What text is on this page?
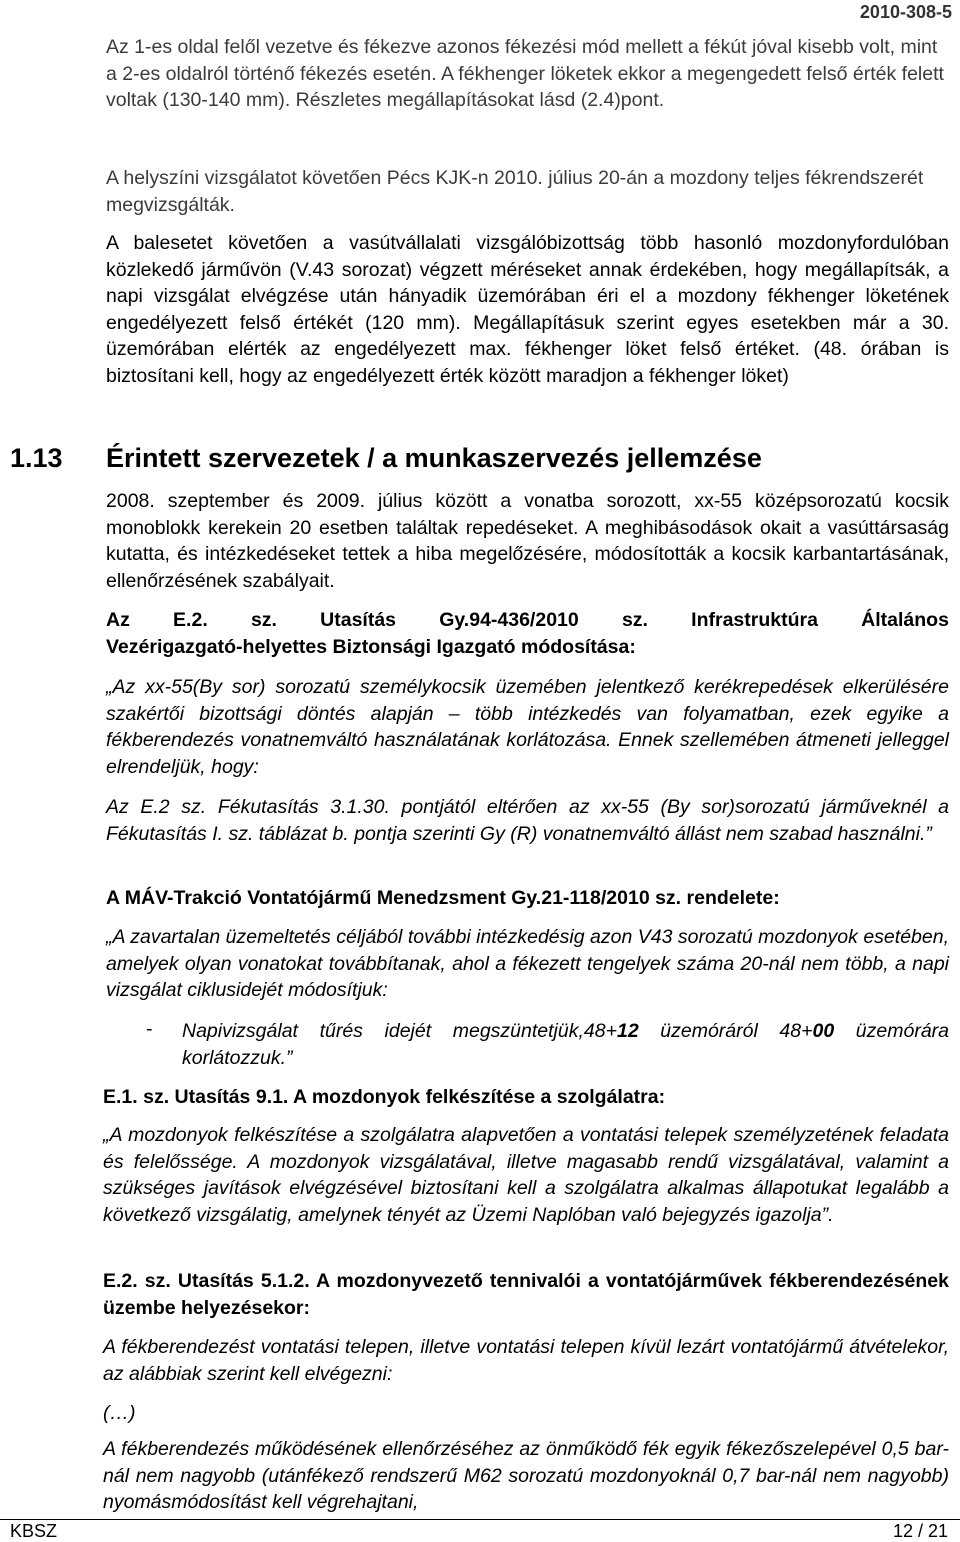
2010-308-5

Az 1-es oldal felől vezetve és fékezve azonos fékezési mód mellett a fékút jóval kisebb volt, mint a 2-es oldalról történő fékezés esetén. A fékhenger löketek ekkor a megengedett felső érték felett voltak (130-140 mm). Részletes megállapításokat lásd (2.4)pont.

A helyszíni vizsgálatot követően Pécs KJK-n 2010. július 20-án a mozdony teljes fékrendszerét megvizsgálták.

A balesetet követően a vasútvállalati vizsgálóbizottság több hasonló mozdonyfordulóban közlekedő járművön (V.43 sorozat) végzett méréseket annak érdekében, hogy megállapítsák, a napi vizsgálat elvégzése után hányadik üzemórában éri el a mozdony fékhenger löketének engedélyezett felső értékét (120 mm). Megállapításuk szerint egyes esetekben már a 30. üzemórában elérték az engedélyezett max. fékhenger löket felső értéket. (48. órában is biztosítani kell, hogy az engedélyezett érték között maradjon a fékhenger löket)

1.13 Érintett szervezetek / a munkaszervezés jellemzése

2008. szeptember és 2009. július között a vonatba sorozott, xx-55 középsorozatú kocsik monoblokk kerekein 20 esetben találtak repedéseket. A meghibásodások okait a vasúttársaság kutatta, és intézkedéseket tettek a hiba megelőzésére, módosították a kocsik karbantartásának, ellenőrzésének szabályait.

Az E.2. sz. Utasítás Gy.94-436/2010 sz. Infrastruktúra Általános
Vezérigazgató-helyettes Biztonsági Igazgató módosítása:

„Az xx-55(By sor) sorozatú személykocsik üzemében jelentkező kerékrepedések elkerülésére szakértői bizottsági döntés alapján – több intézkedés van folyamatban, ezek egyike a fékberendezés vonatnemváltó használatának korlátozása. Ennek szellemében átmeneti jelleggel elrendeljük, hogy:

Az E.2 sz. Fékutasítás 3.1.30. pontjától eltérően az xx-55 (By sor)sorozatú járműveknél a Fékutasítás I. sz. táblázat b. pontja szerinti Gy (R) vonatnemváltó állást nem szabad használni.”

A MÁV-Trakció Vontatójármű Menedzsment Gy.21-118/2010 sz. rendelete:

„A zavartalan üzemeltetés céljából további intézkedésig azon V43 sorozatú mozdonyok esetében, amelyek olyan vonatokat továbbítanak, ahol a fékezett tengelyek száma 20-nál nem több, a napi vizsgálat ciklusidejét módosítjuk:

- Napivizsgálat tűrés idejét megszüntetjük,48+12 üzemóráról 48+00 üzemórára korlátozzuk.”

E.1. sz. Utasítás 9.1. A mozdonyok felkészítése a szolgálatra:

„A mozdonyok felkészítése a szolgálatra alapvetően a vontatási telepek személyzetének feladata és felelőssége. A mozdonyok vizsgálatával, illetve magasabb rendű vizsgálatával, valamint a szükséges javítások elvégzésével biztosítani kell a szolgálatra alkalmas állapotukat legalább a következő vizsgálatig, amelynek tényét az Üzemi Naplóban való bejegyzés igazolja”.

E.2. sz. Utasítás 5.1.2. A mozdonyvezető tennivalói a vontatójárművek fékberendezésének üzembe helyezésekor:

A fékberendezést vontatási telepen, illetve vontatási telepen kívül lezárt vontatójármű átvételekor, az alábbiak szerint kell elvégezni:

(…)

A fékberendezés működésének ellenőrzéséhez az önműködő fék egyik fékezőszelepével 0,5 bar-nál nem nagyobb (utánfékező rendszerű M62 sorozatú mozdonyoknál 0,7 bar-nál nem nagyobb) nyomásmódosítást kell végrehajtani,

KBSZ	12 / 21
